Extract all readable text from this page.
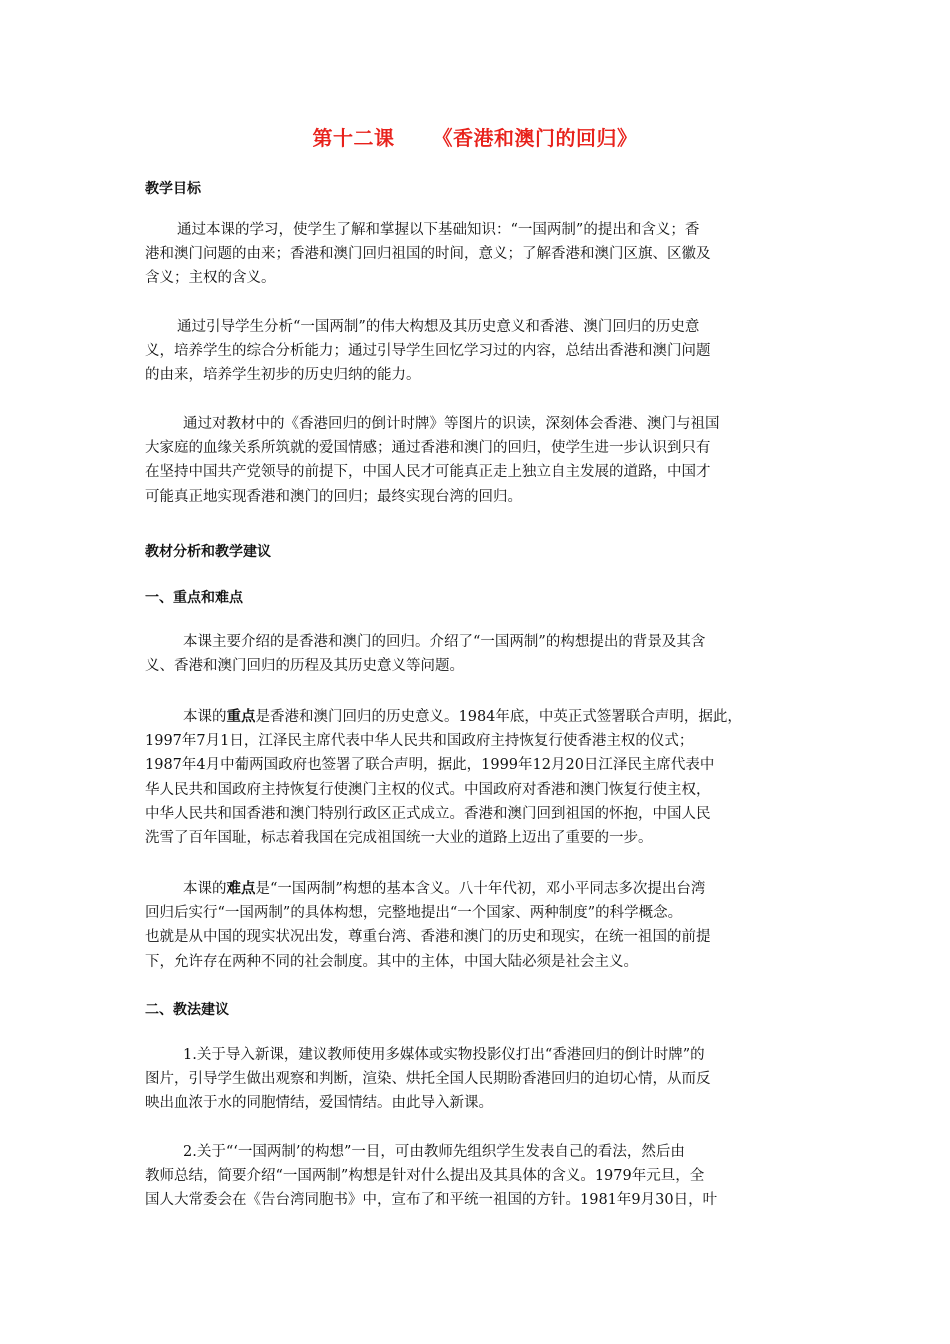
第十二课 《香港和澳门的回归》
教学目标
通过本课的学习，使学生了解和掌握以下基础知识：“一国两制”的提出和含义；香
港和澳门问题的由来；香港和澳门回归祖国的时间，意义；了解香港和澳门区旗、区徽及
含义；主权的含义。
通过引导学生分析“一国两制”的伟大构想及其历史意义和香港、澳门回归的历史意
义，培养学生的综合分析能力；通过引导学生回忆学习过的内容，总结出香港和澳门问题
的由来，培养学生初步的历史归纳的能力。
通过对教材中的《香港回归的倒计时牌》等图片的识读，深刻体会香港、澳门与祖国
大家庭的血缘关系所筑就的爱国情感；通过香港和澳门的回归，使学生进一步认识到只有
在坚持中国共产党领导的前提下，中国人民才可能真正走上独立自主发展的道路，中国才
可能真正地实现香港和澳门的回归；最终实现台湾的回归。
教材分析和教学建议
一、重点和难点
本课主要介绍的是香港和澳门的回归。介绍了“一国两制”的构想提出的背景及其含
义、香港和澳门回归的历程及其历史意义等问题。
本课的重点是香港和澳门回归的历史意义。1984年底，中英正式签署联合声明，据此，
1997年7月1日，江泽民主席代表中华人民共和国政府主持恢复行使香港主权的仪式；
1987年4月中葡两国政府也签署了联合声明，据此，1999年12月20日江泽民主席代表中
华人民共和国政府主持恢复行使澳门主权的仪式。中国政府对香港和澳门恢复行使主权，
中华人民共和国香港和澳门特别行政区正式成立。香港和澳门回到祖国的怀抱，中国人民
洗雪了百年国耻，标志着我国在完成祖国统一大业的道路上迈出了重要的一步。
本课的难点是“一国两制”构想的基本含义。八十年代初，邓小平同志多次提出台湾
回归后实行“一国两制”的具体构想，完整地提出“一个国家、两种制度”的科学概念。
也就是从中国的现实状况出发，尊重台湾、香港和澳门的历史和现实，在统一祖国的前提
下，允许存在两种不同的社会制度。其中的主体，中国大陆必须是社会主义。
二、教法建议
1.关于导入新课，建议教师使用多媒体或实物投影仪打出“香港回归的倒计时牌”的
图片，引导学生做出观察和判断，渲染、烘托全国人民期盼香港回归的迫切心情，从而反
映出血浓于水的同胞情结，爱国情结。由此导入新课。
2.关于“‘一国两制’的构想”一目，可由教师先组织学生发表自己的看法，然后由
教师总结，简要介绍“一国两制”构想是针对什么提出及其具体的含义。1979年元旦，全
国人大常委会在《告台湾同胞书》中，宣布了和平统一祖国的方针。1981年9月30日，叶
